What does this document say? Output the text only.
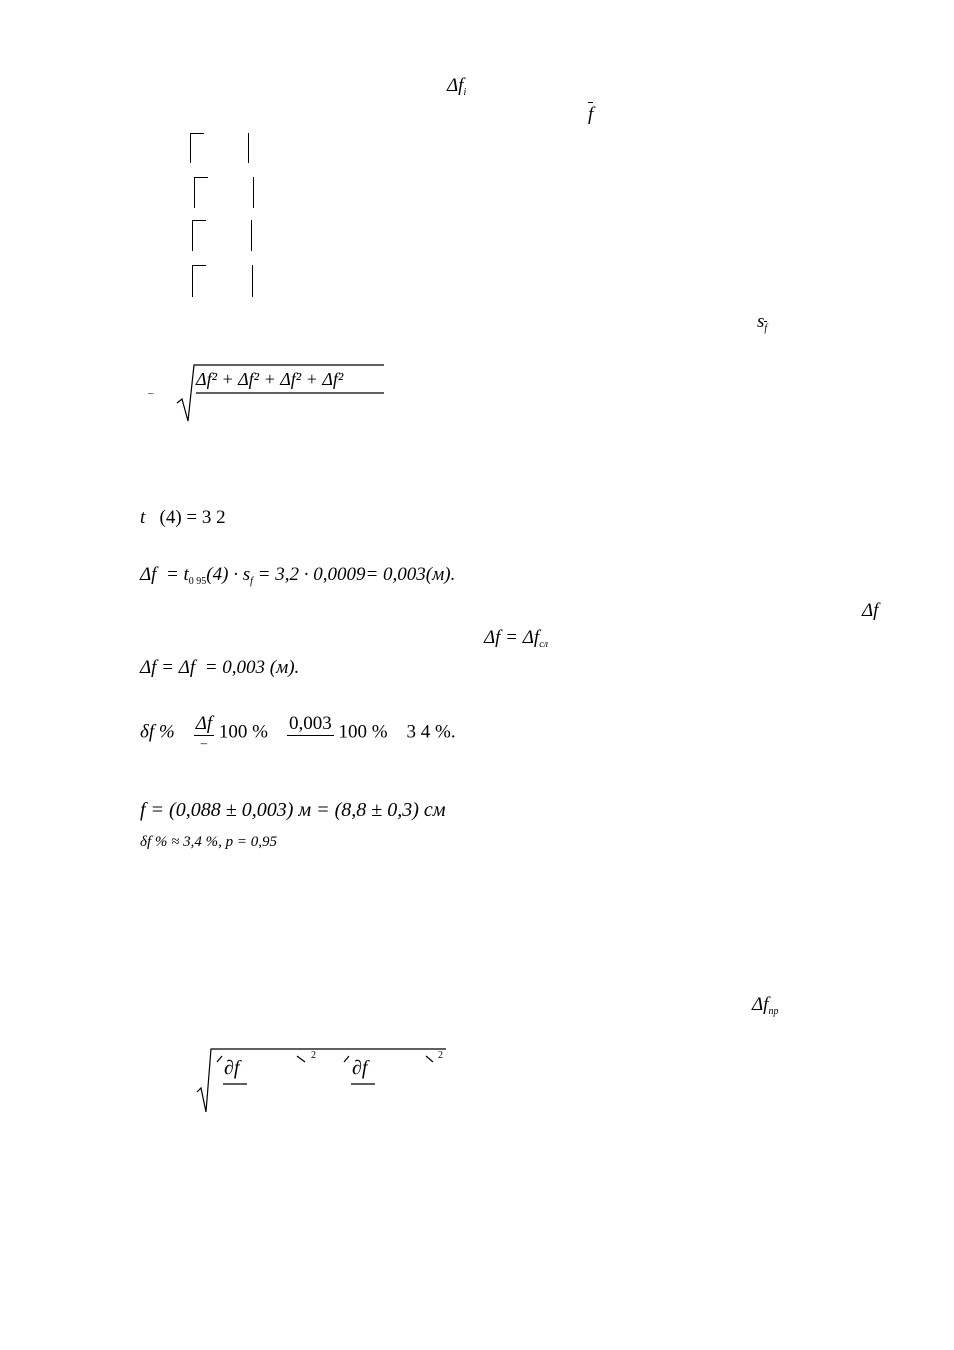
$\Delta f_i$
f
$s_f$
–
Δf² + Δf² + Δf² + Δf²
t (4) = 3 2
$\Delta f = t_{0 95}(4) \cdot s_f = 3,2 \cdot 0,0009= 0,003(м)$.
Δf
$\Delta f = \Delta f_{сл}$
Δf = Δf = 0,003 (м).
δf % $\frac{\Delta f}{-} 100$ % 0,003
100 % 3 4 %.
f = (0,088 ± 0,003) м = (8,8 ± 0,3) см
δf % ≈ 3,4 %, p = 0,95
$\Delta f_{пр}$
∂f
2
∂f
2
